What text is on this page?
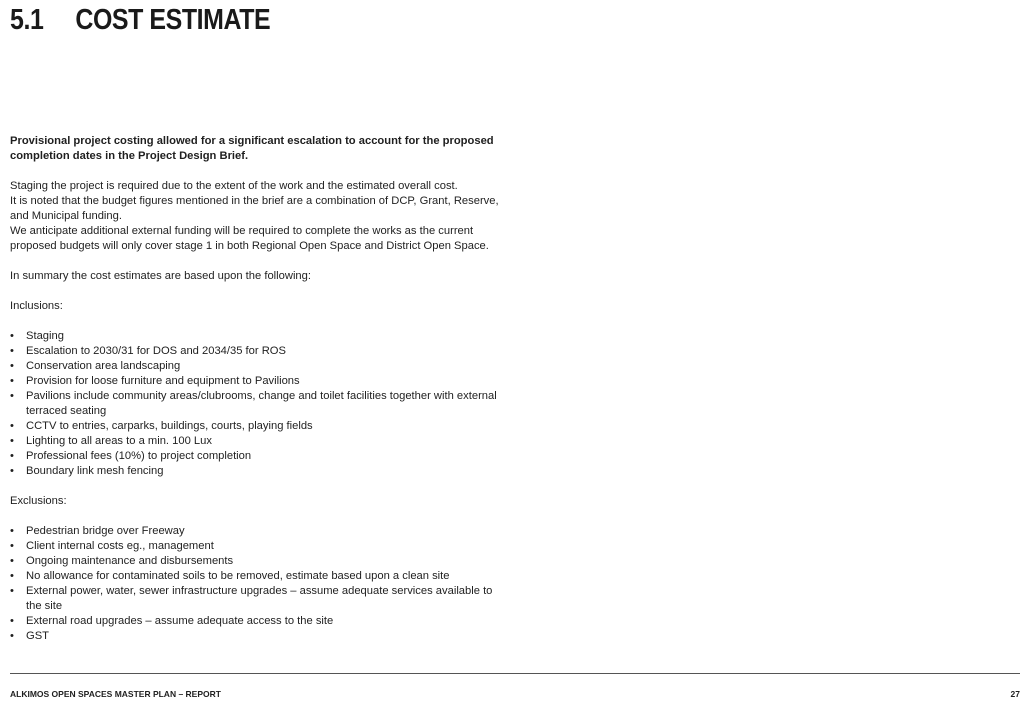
5.1	COST ESTIMATE

Provisional project costing allowed for a significant escalation to account for the proposed completion dates in the Project Design Brief.

Staging the project is required due to the extent of the work and the estimated overall cost.

It is noted that the budget figures mentioned in the brief are a combination of DCP, Grant, Reserve, and Municipal funding.

We anticipate additional external funding will be required to complete the works as the current proposed budgets will only cover stage 1 in both Regional Open Space and District Open Space.

In summary the cost estimates are based upon the following:

Inclusions:

•	Staging
•	Escalation to 2030/31 for DOS and 2034/35 for ROS
•	Conservation area landscaping
•	Provision for loose furniture and equipment to Pavilions
•	Pavilions include community areas/clubrooms, change and toilet facilities together with external terraced seating
•	CCTV to entries, carparks, buildings, courts, playing fields
•	Lighting to all areas to a min. 100 Lux
•	Professional fees (10%) to project completion
•	Boundary link mesh fencing

Exclusions:

•	Pedestrian bridge over Freeway
•	Client internal costs eg., management
•	Ongoing maintenance and disbursements
•	No allowance for contaminated soils to be removed, estimate based upon a clean site
•	External power, water, sewer infrastructure upgrades – assume adequate services available to the site
•	External road upgrades – assume adequate access to the site
•	GST
ALKIMOS OPEN SPACES MASTER PLAN – REPORT	27
